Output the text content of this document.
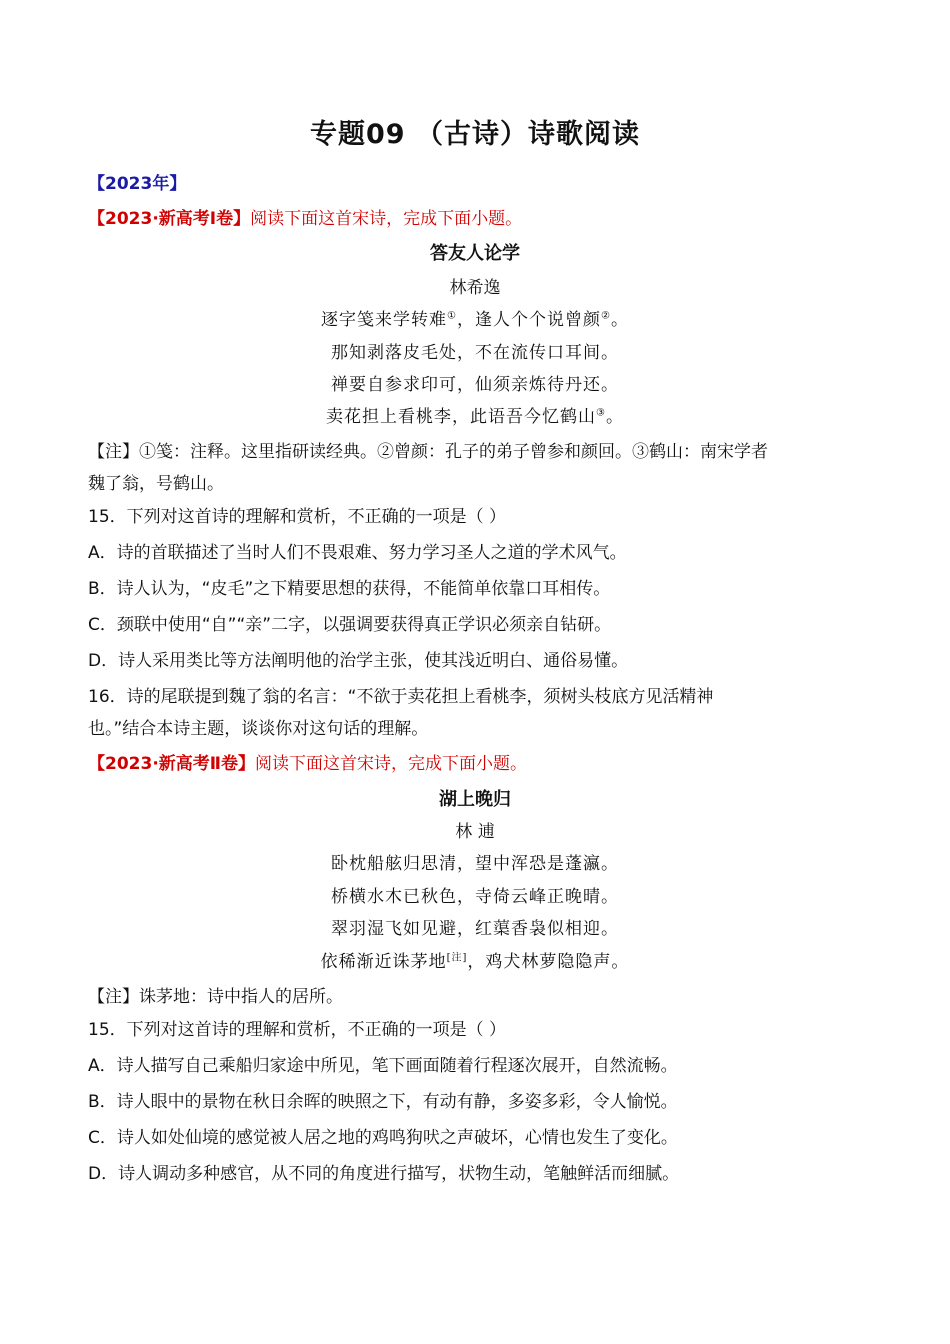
专题09 （古诗）诗歌阅读
【2023年】
【2023·新高考Ⅰ卷】阅读下面这首宋诗，完成下面小题。
答友人论学
林希逸
逐字笺来学转难①，逢人个个说曾颜②。
那知剥落皮毛处，不在流传口耳间。
禅要自参求印可，仙须亲炼待丹还。
卖花担上看桃李，此语吾今忆鹤山③。
【注】①笺：注释。这里指研读经典。②曾颜：孔子的弟子曾参和颜回。③鹤山：南宋学者
魏了翁，号鹤山。
15．下列对这首诗的理解和赏析，不正确的一项是（ ）
A．诗的首联描述了当时人们不畏艰难、努力学习圣人之道的学术风气。
B．诗人认为，“皮毛”之下精要思想的获得，不能简单依靠口耳相传。
C．颈联中使用“自”“亲”二字，以强调要获得真正学识必须亲自钻研。
D．诗人采用类比等方法阐明他的治学主张，使其浅近明白、通俗易懂。
16．诗的尾联提到魏了翁的名言：“不欲于卖花担上看桃李，须树头枝底方见活精神
也。”结合本诗主题，谈谈你对这句话的理解。
【2023·新高考Ⅱ卷】阅读下面这首宋诗，完成下面小题。
湖上晚归
林 逋
卧枕船舷归思清，望中浑恐是蓬瀛。
桥横水木已秋色，寺倚云峰正晚晴。
翠羽湿飞如见避，红蕖香袅似相迎。
依稀渐近诛茅地[注]，鸡犬林萝隐隐声。
【注】诛茅地：诗中指人的居所。
15．下列对这首诗的理解和赏析，不正确的一项是（ ）
A．诗人描写自己乘船归家途中所见，笔下画面随着行程逐次展开，自然流畅。
B．诗人眼中的景物在秋日余晖的映照之下，有动有静，多姿多彩，令人愉悦。
C．诗人如处仙境的感觉被人居之地的鸡鸣狗吠之声破坏，心情也发生了变化。
D．诗人调动多种感官，从不同的角度进行描写，状物生动，笔触鲜活而细腻。
